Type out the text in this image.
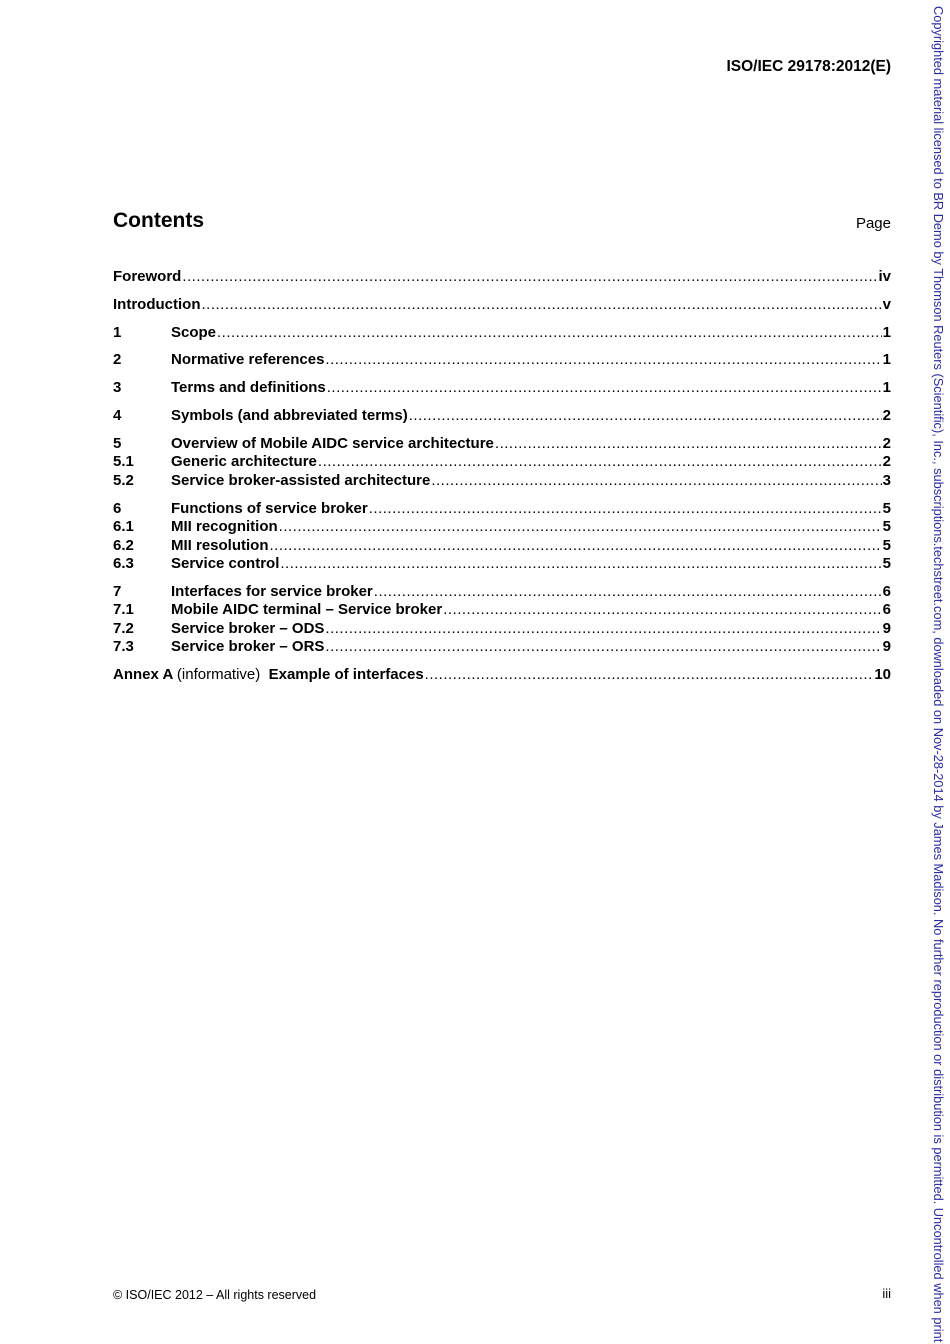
ISO/IEC 29178:2012(E)
Contents	Page
Foreword .....	iv
Introduction .....	v
1	Scope .....	1
2	Normative references .....	1
3	Terms and definitions .....	1
4	Symbols (and abbreviated terms) .....	2
5	Overview of Mobile AIDC service architecture .....	2
5.1	Generic architecture .....	2
5.2	Service broker-assisted architecture .....	3
6	Functions of service broker .....	5
6.1	MII recognition .....	5
6.2	MII resolution .....	5
6.3	Service control .....	5
7	Interfaces for service broker .....	6
7.1	Mobile AIDC terminal – Service broker .....	6
7.2	Service broker – ODS .....	9
7.3	Service broker – ORS .....	9
Annex A (informative) Example of interfaces .....	10
© ISO/IEC 2012 – All rights reserved	iii	Copyrighted material licensed to BR Demo by Thomson Reuters (Scientific), Inc., subscriptions.techstreet.com, downloaded on Nov-28-2014 by James Madison. No further reproduction or distribution is permitted. Uncontrolled when print
